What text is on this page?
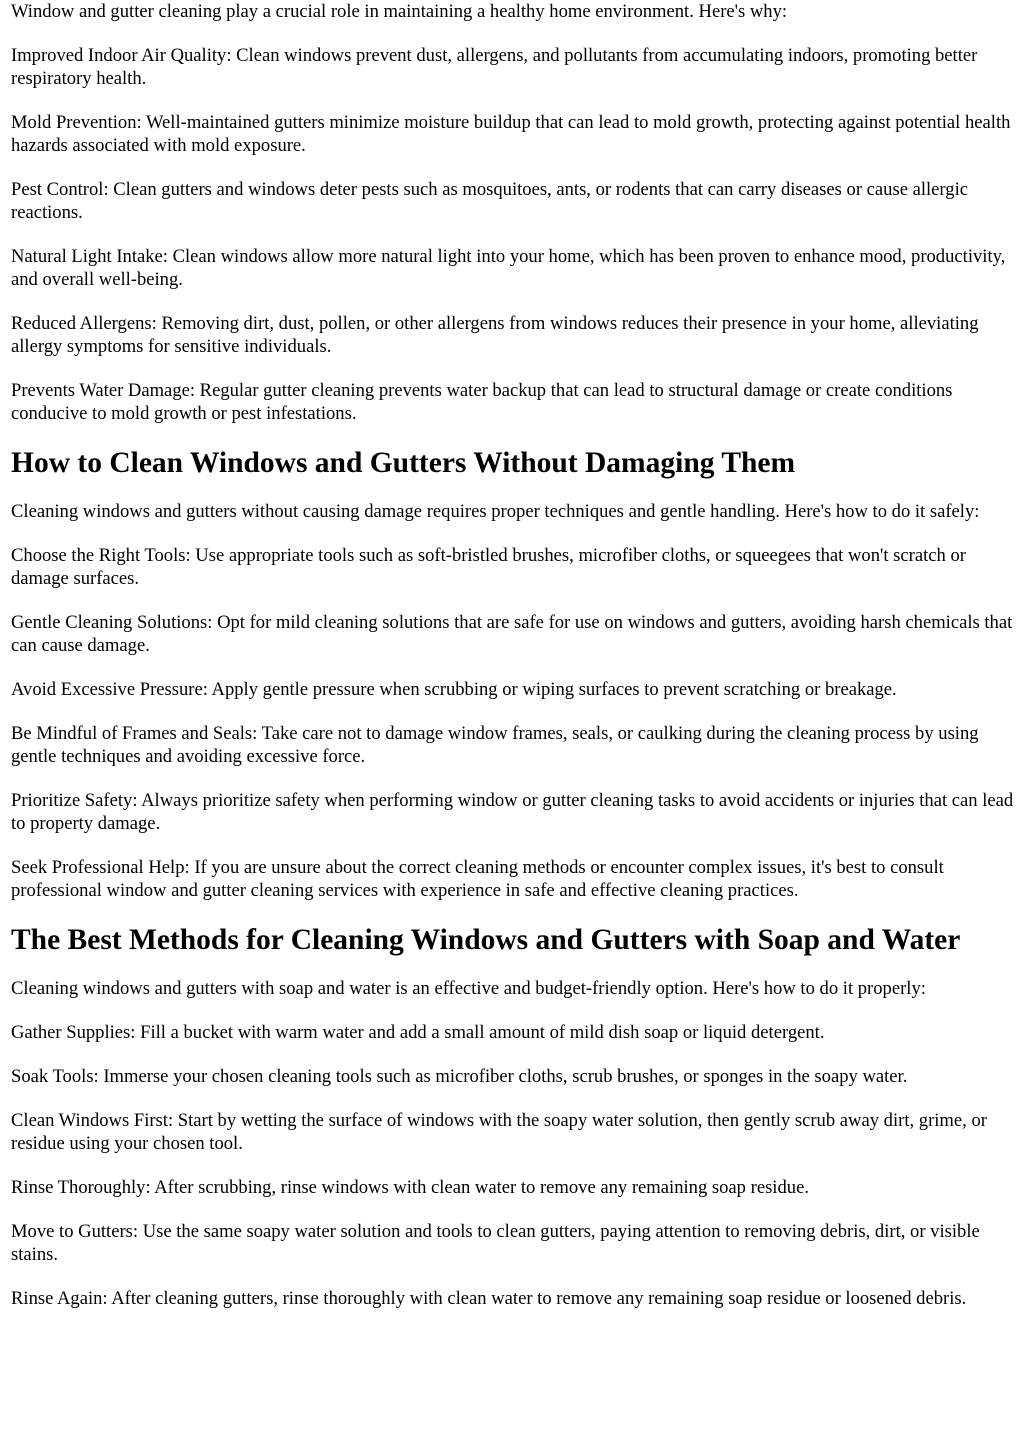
Window and gutter cleaning play a crucial role in maintaining a healthy home environment. Here's why:

Improved Indoor Air Quality: Clean windows prevent dust, allergens, and pollutants from accumulating indoors, promoting better respiratory health.

Mold Prevention: Well-maintained gutters minimize moisture buildup that can lead to mold growth, protecting against potential health hazards associated with mold exposure.

Pest Control: Clean gutters and windows deter pests such as mosquitoes, ants, or rodents that can carry diseases or cause allergic reactions.

Natural Light Intake: Clean windows allow more natural light into your home, which has been proven to enhance mood, productivity, and overall well-being.

Reduced Allergens: Removing dirt, dust, pollen, or other allergens from windows reduces their presence in your home, alleviating allergy symptoms for sensitive individuals.

Prevents Water Damage: Regular gutter cleaning prevents water backup that can lead to structural damage or create conditions conducive to mold growth or pest infestations.

How to Clean Windows and Gutters Without Damaging Them

Cleaning windows and gutters without causing damage requires proper techniques and gentle handling. Here's how to do it safely:

Choose the Right Tools: Use appropriate tools such as soft-bristled brushes, microfiber cloths, or squeegees that won't scratch or damage surfaces.

Gentle Cleaning Solutions: Opt for mild cleaning solutions that are safe for use on windows and gutters, avoiding harsh chemicals that can cause damage.

Avoid Excessive Pressure: Apply gentle pressure when scrubbing or wiping surfaces to prevent scratching or breakage.

Be Mindful of Frames and Seals: Take care not to damage window frames, seals, or caulking during the cleaning process by using gentle techniques and avoiding excessive force.

Prioritize Safety: Always prioritize safety when performing window or gutter cleaning tasks to avoid accidents or injuries that can lead to property damage.

Seek Professional Help: If you are unsure about the correct cleaning methods or encounter complex issues, it's best to consult professional window and gutter cleaning services with experience in safe and effective cleaning practices.

The Best Methods for Cleaning Windows and Gutters with Soap and Water

Cleaning windows and gutters with soap and water is an effective and budget-friendly option. Here's how to do it properly:

Gather Supplies: Fill a bucket with warm water and add a small amount of mild dish soap or liquid detergent.

Soak Tools: Immerse your chosen cleaning tools such as microfiber cloths, scrub brushes, or sponges in the soapy water.

Clean Windows First: Start by wetting the surface of windows with the soapy water solution, then gently scrub away dirt, grime, or residue using your chosen tool.

Rinse Thoroughly: After scrubbing, rinse windows with clean water to remove any remaining soap residue.

Move to Gutters: Use the same soapy water solution and tools to clean gutters, paying attention to removing debris, dirt, or visible stains.

Rinse Again: After cleaning gutters, rinse thoroughly with clean water to remove any remaining soap residue or loosened debris.
